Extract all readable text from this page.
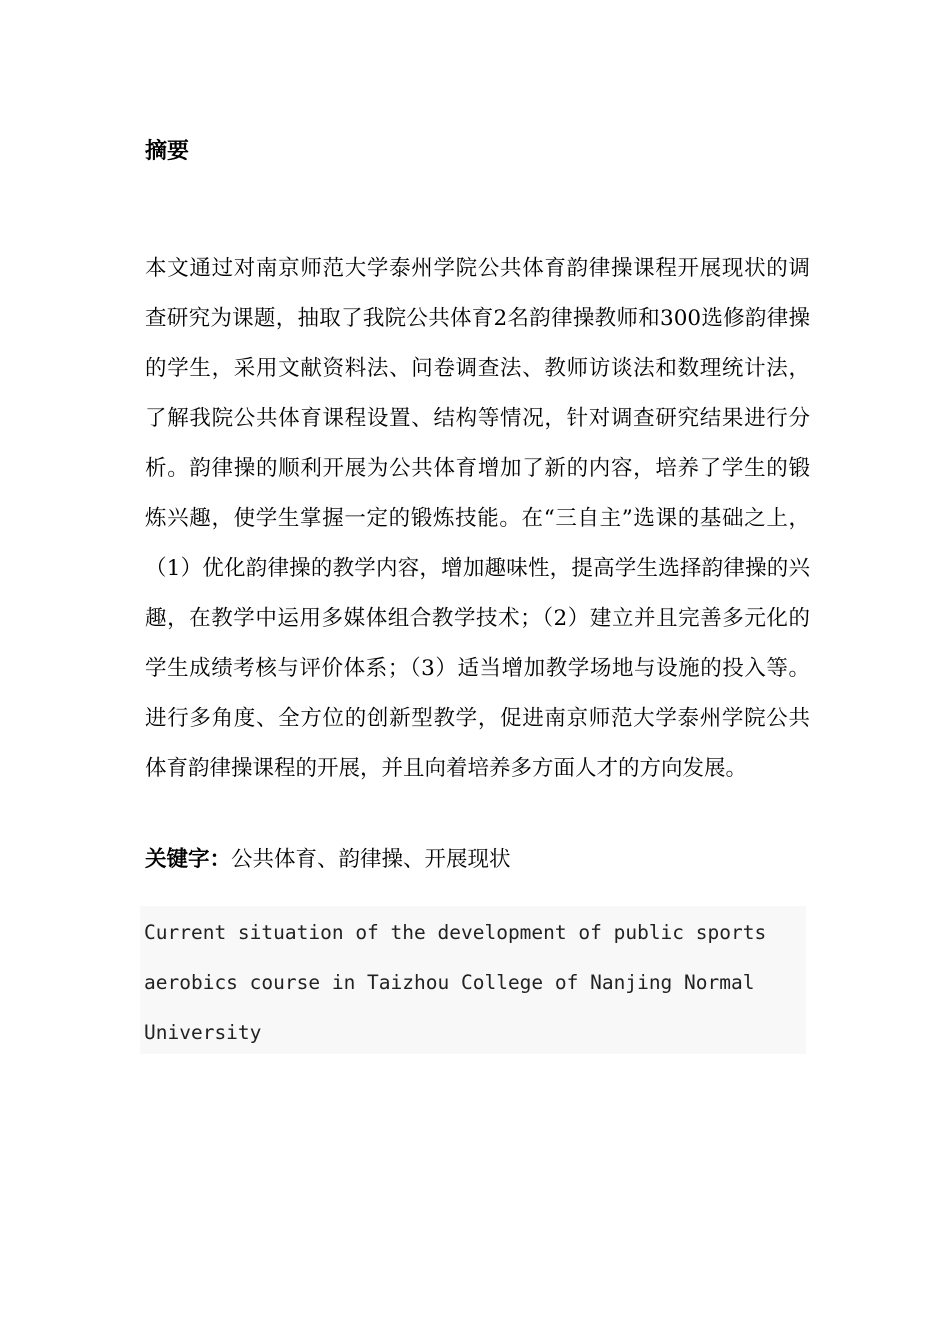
摘要

本文通过对南京师范大学泰州学院公共体育韵律操课程开展现状的调查研究为课题，抽取了我院公共体育2名韵律操教师和300选修韵律操的学生，采用文献资料法、问卷调查法、教师访谈法和数理统计法，了解我院公共体育课程设置、结构等情况，针对调查研究结果进行分析。韵律操的顺利开展为公共体育增加了新的内容，培养了学生的锻炼兴趣，使学生掌握一定的锻炼技能。在“三自主”选课的基础之上，（1）优化韵律操的教学内容，增加趣味性，提高学生选择韵律操的兴趣，在教学中运用多媒体组合教学技术；（2）建立并且完善多元化的学生成绩考核与评价体系；（3）适当增加教学场地与设施的投入等。进行多角度、全方位的创新型教学，促进南京师范大学泰州学院公共体育韵律操课程的开展，并且向着培养多方面人才的方向发展。

关键字：公共体育、韵律操、开展现状

Current situation of the development of public sports aerobics course in Taizhou College of Nanjing Normal University
